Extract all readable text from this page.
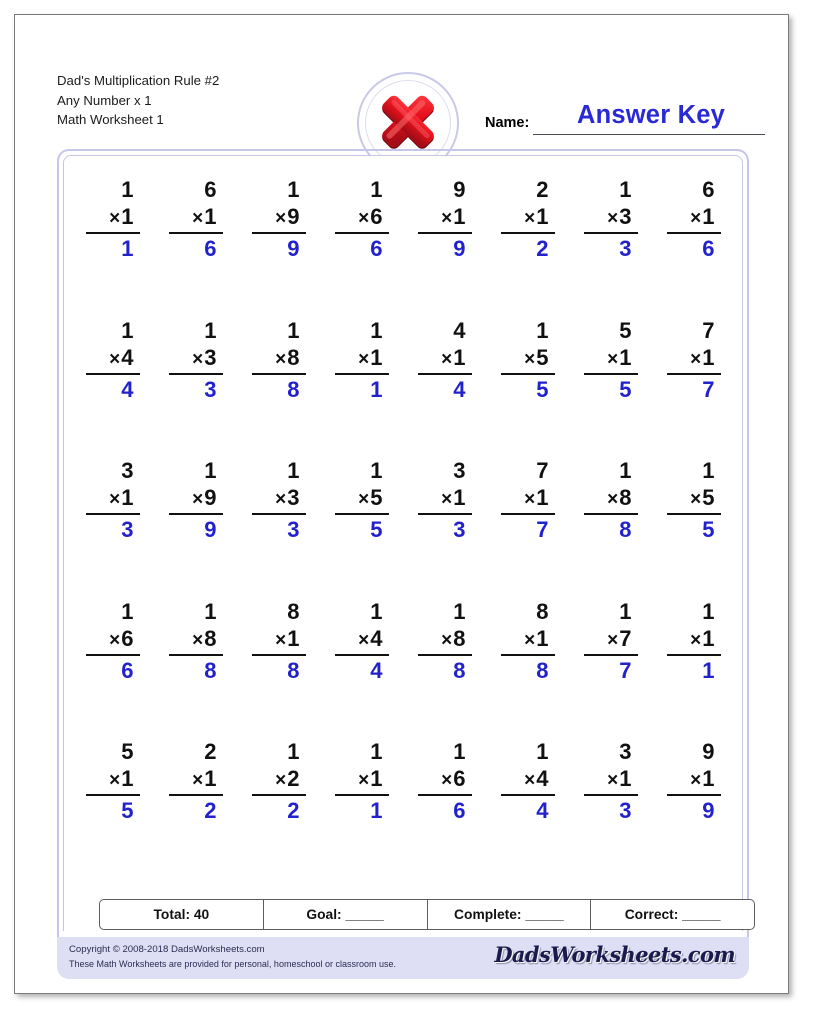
Dad's Multiplication Rule #2
Any Number x 1
Math Worksheet 1	Name:	Answer Key
1
× 1
1
6
× 1
6
1
× 9
9
1
× 6
6
9
× 1
9
2
× 1
2
1
× 3
3
6
× 1
6
1
× 4
4
1
× 3
3
1
× 8
8
1
× 1
1
4
× 1
4
1
× 5
5
5
× 1
5
7
× 1
7
3
× 1
3
1
× 9
9
1
× 3
3
1
× 5
5
3
× 1
3
7
× 1
7
1
× 8
8
1
× 5
5
1
× 6
6
1
× 8
8
8
× 1
8
1
× 4
4
1
× 8
8
8
× 1
8
1
× 7
7
1
× 1
1
5
× 1
5
2
× 1
2
1
× 2
2
1
× 1
1
1
× 6
6
1
× 4
4
3
× 1
3
9
× 1
9
Total: 40	Goal: _____	Complete: _____	Correct: _____
Copyright © 2008-2018 DadsWorksheets.com
These Math Worksheets are provided for personal, homeschool or classroom use.	DadsWorksheets.com
